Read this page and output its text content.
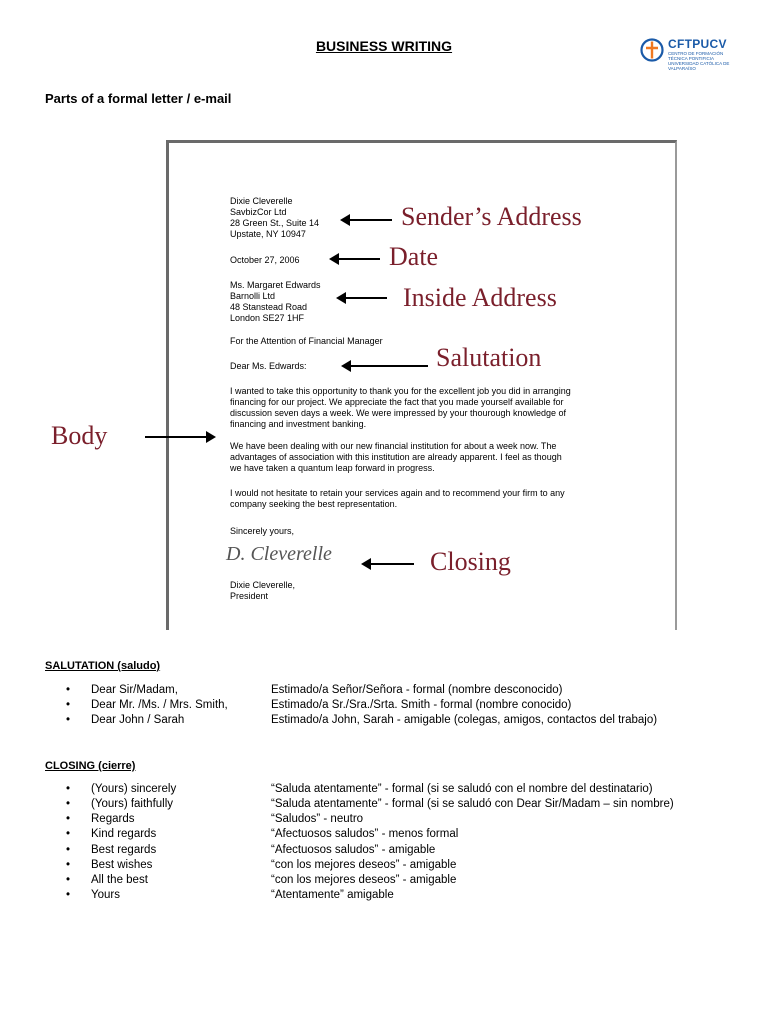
BUSINESS WRITING	CFTPUCV
CENTRO DE FORMACIÓN TÉCNICA PONTIFICIA UNIVERSIDAD CATÓLICA DE VALPARAÍSO
Parts of a formal letter / e-mail
Dixie Cleverelle
SavbizCor Ltd
28 Green St., Suite 14
Upstate, NY 10947
October 27, 2006
Ms. Margaret Edwards
Barnolli Ltd
48 Stanstead Road
London SE27 1HF
For the Attention of Financial Manager
Dear Ms. Edwards:
I wanted to take this opportunity to thank you for the excellent job you did in arranging
financing for our project. We appreciate the fact that you made yourself available for
discussion seven days a week. We were impressed by your thourough knowledge of
financing and investment banking.
We have been dealing with our new financial institution for about a week now. The
advantages of association with this institution are already apparent. I feel as though
we have taken a quantum leap forward in progress.
I would not hesitate to retain your services again and to recommend your firm to any
company seeking the best representation.
Sincerely yours,
D. Cleverelle
Dixie Cleverelle,
President
Sender’s Address
Date
Inside Address
Salutation
Body
Closing
SALUTATION (saludo)
• Dear Sir/Madam,	Estimado/a Señor/Señora - formal (nombre desconocido)
• Dear Mr. /Ms. / Mrs. Smith,	Estimado/a Sr./Sra./Srta. Smith - formal (nombre conocido)
• Dear John / Sarah	Estimado/a John, Sarah - amigable (colegas, amigos, contactos del trabajo)
CLOSING (cierre)
• (Yours) sincerely	“Saluda atentamente” - formal (si se saludó con el nombre del destinatario)
• (Yours) faithfully	“Saluda atentamente” - formal (si se saludó con Dear Sir/Madam – sin nombre)
• Regards	“Saludos” - neutro
• Kind regards	“Afectuosos saludos” - menos formal
• Best regards	“Afectuosos saludos” - amigable
• Best wishes	“con los mejores deseos” - amigable
• All the best	“con los mejores deseos” - amigable
• Yours	“Atentamente” amigable
